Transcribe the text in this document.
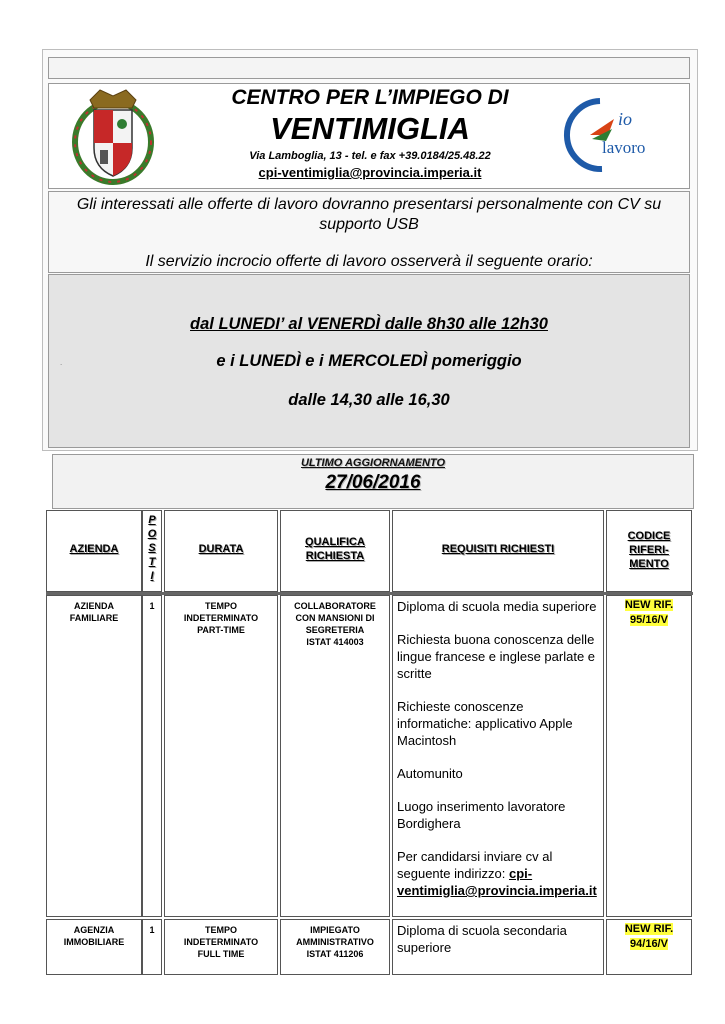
io
lavoro
CENTRO PER L’IMPIEGO DI
VENTIMIGLIA
Via Lamboglia, 13 - tel. e fax +39.0184/25.48.22
cpi-ventimiglia@provincia.imperia.it
Gli interessati alle offerte di lavoro dovranno presentarsi personalmente con CV su supporto USB
Il servizio incrocio offerte di lavoro osserverà il seguente orario:
dal LUNEDI’ al VENERDÌ dalle 8h30 alle 12h30
e i LUNEDÌ e i MERCOLEDÌ pomeriggio
dalle 14,30 alle 16,30
.
ULTIMO AGGIORNAMENTO
27/06/2016
AZIENDA
P
O
S
T
I
DURATA
QUALIFICA
RICHIESTA
REQUISITI RICHIESTI
CODICE
RIFERI-
MENTO
AZIENDA
FAMILIARE
1	TEMPO
INDETERMINATO
PART-TIME
COLLABORATORE
CON MANSIONI DI
SEGRETERIA
ISTAT 414003
Diploma di scuola media superiore
Richiesta buona conoscenza delle lingue francese e inglese parlate e scritte
Richieste conoscenze informatiche: applicativo Apple Macintosh
Automunito
Luogo inserimento lavoratore Bordighera
Per candidarsi inviare cv al seguente indirizzo: cpi-ventimiglia@provincia.imperia.it
NEW RIF.
95/16/V
AGENZIA
IMMOBILIARE
1	TEMPO
INDETERMINATO
FULL TIME
IMPIEGATO
AMMINISTRATIVO
ISTAT 411206
Diploma di scuola secondaria superiore
NEW RIF.
94/16/V
